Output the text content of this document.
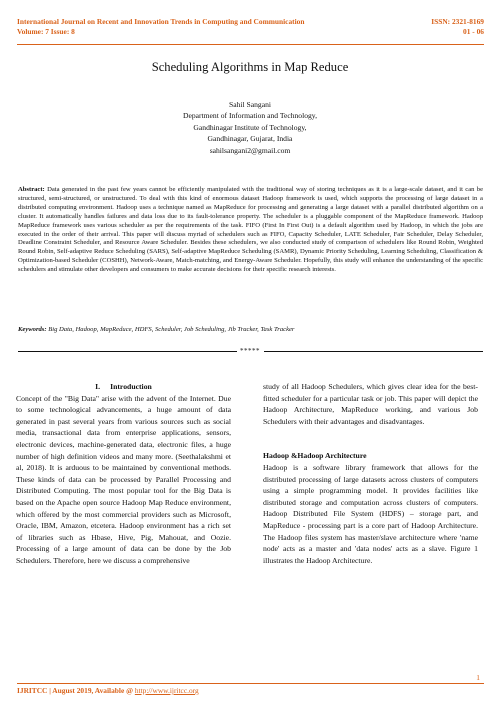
International Journal on Recent and Innovation Trends in Computing and Communication	ISSN: 2321-8169
Volume: 7 Issue: 8	01 - 06
Scheduling Algorithms in Map Reduce
Sahil Sangani
Department of Information and Technology,
Gandhinagar Institute of Technology,
Gandhinagar, Gujarat, India
sahilsangani2@gmail.com
Abstract: Data generated in the past few years cannot be efficiently manipulated with the traditional way of storing techniques as it is a large-scale dataset, and it can be structured, semi-structured, or unstructured. To deal with this kind of enormous dataset Hadoop framework is used, which supports the processing of large dataset in a distributed computing environment. Hadoop uses a technique named as MapReduce for processing and generating a large dataset with a parallel distributed algorithm on a cluster. It automatically handles failures and data loss due to its fault-tolerance property. The scheduler is a pluggable component of the MapReduce framework. Hadoop MapReduce framework uses various scheduler as per the requirements of the task. FIFO (First In First Out) is a default algorithm used by Hadoop, in which the jobs are executed in the order of their arrival. This paper will discuss myriad of schedulers such as FIFO, Capacity Scheduler, LATE Scheduler, Fair Scheduler, Delay Scheduler, Deadline Constraint Scheduler, and Resource Aware Scheduler. Besides these schedulers, we also conducted study of comparison of schedulers like Round Robin, Weighted Round Robin, Self-adaptive Reduce Scheduling (SARS), Self-adaptive MapReduce Scheduling (SAMR), Dynamic Priority Scheduling, Learning Scheduling, Classification & Optimization-based Scheduler (COSHH), Network-Aware, Match-matching, and Energy-Aware Scheduler. Hopefully, this study will enhance the understanding of the specific schedulers and stimulate other developers and consumers to make accurate decisions for their specific research interests.
Keywords: Big Data, Hadoop, MapReduce, HDFS, Scheduler, Job Scheduling, Jib Tracker, Task Tracker
*****

I. Introduction

Concept of the "Big Data" arise with the advent of the Internet. Due to some technological advancements, a huge amount of data generated in past several years from various sources such as social media, transactional data from enterprise applications, sensors, electronic devices, machine-generated data, electronic files, a huge number of high definition videos and many more. (Seethalakshmi et al, 2018). It is arduous to be maintained by conventional methods. These kinds of data can be processed by Parallel Processing and Distributed Computing. The most popular tool for the Big Data is based on the Apache open source Hadoop Map Reduce environment, which offered by the most commercial providers such as Microsoft, Oracle, IBM, Amazon, etcetera. Hadoop environment has a rich set of libraries such as Hbase, Hive, Pig, Mahouat, and Oozie. Processing of a large amount of data can be done by the Job Schedulers. Therefore, here we discuss a comprehensive

study of all Hadoop Schedulers, which gives clear idea for the best-fitted scheduler for a particular task or job. This paper will depict the Hadoop Architecture, MapReduce working, and various Job Schedulers with their advantages and disadvantages.

Hadoop &Hadoop Architecture

Hadoop is a software library framework that allows for the distributed processing of large datasets across clusters of computers using a simple programming model. It provides facilities like distributed storage and computation across clusters of computers. Hadoop Distributed File System (HDFS) – storage part, and MapReduce - processing part is a core part of Hadoop Architecture. The Hadoop files system has master/slave architecture where 'name node' acts as a master and 'data nodes' acts as a slave. Figure 1 illustrates the Hadoop Architecture.

1
IJRITCC | August 2019, Available @ http://www.ijritcc.org
